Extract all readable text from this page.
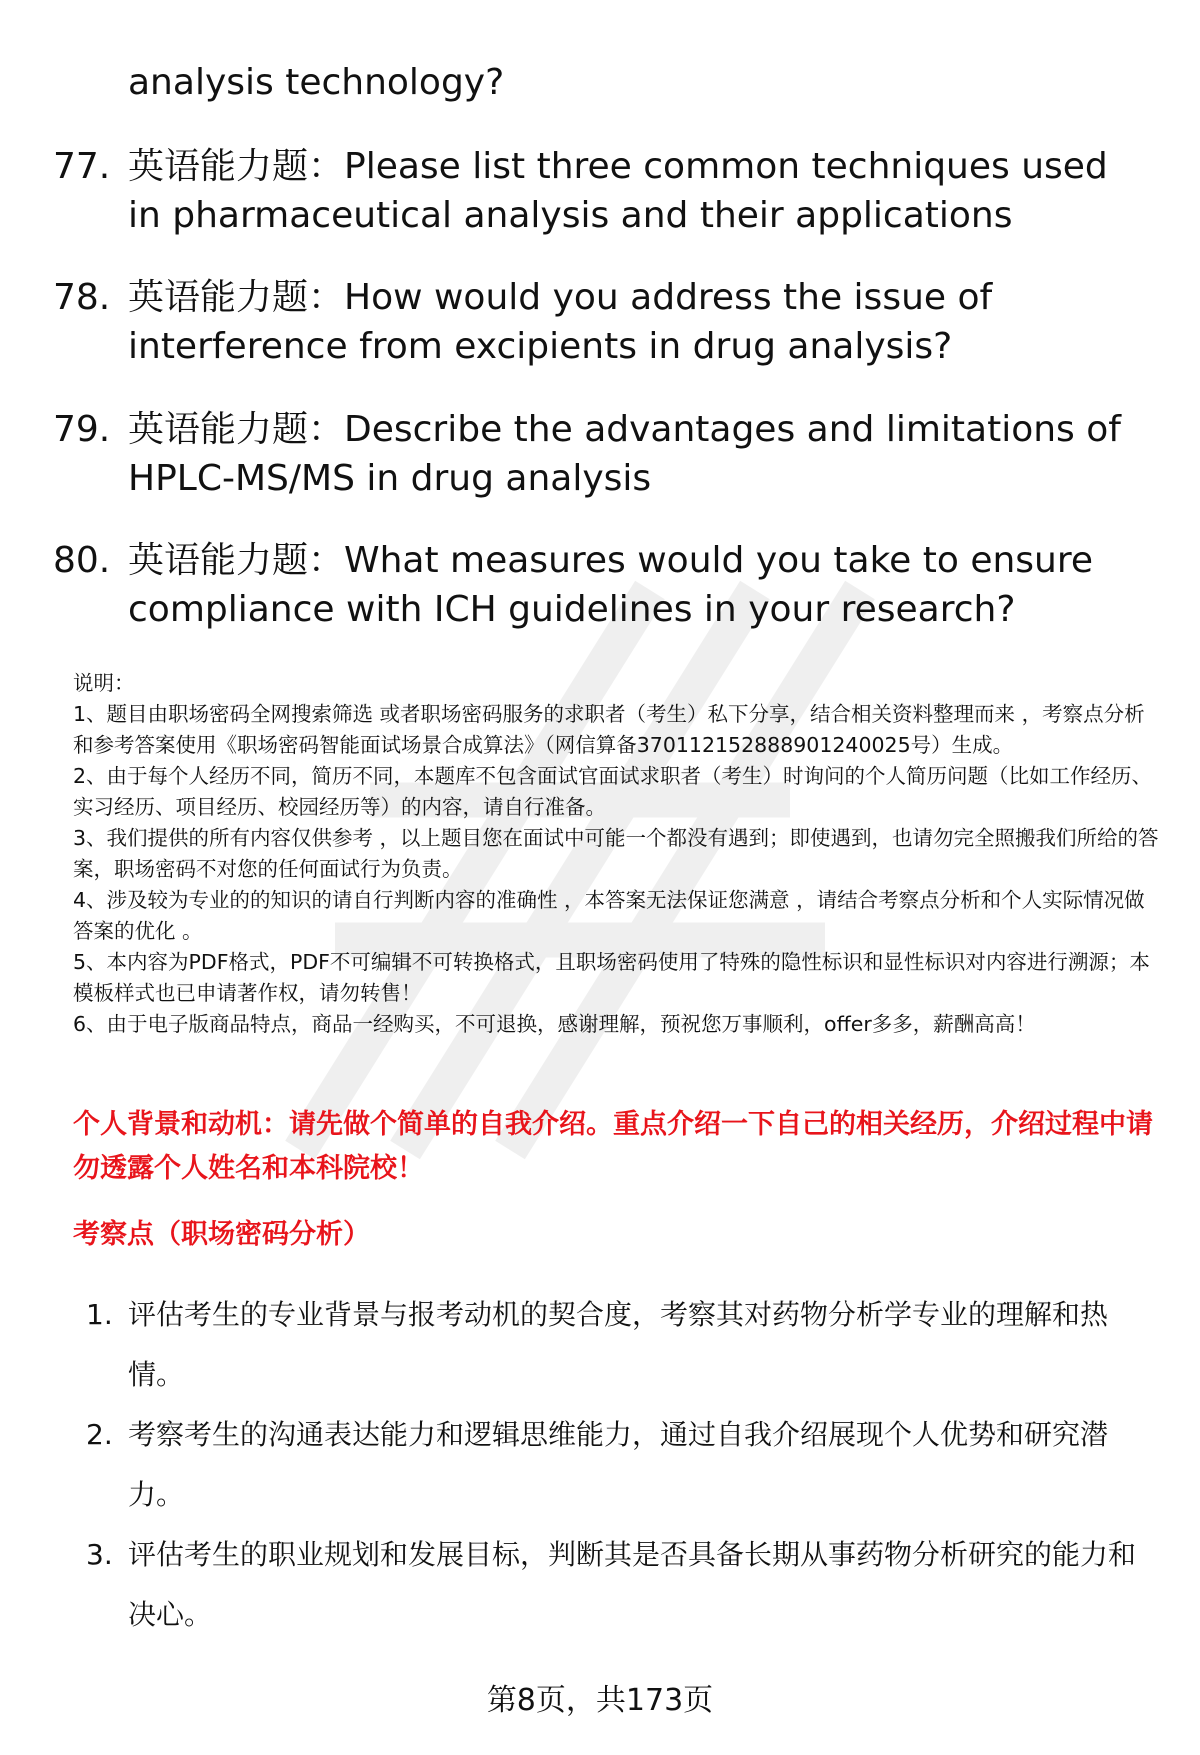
analysis technology?
77. 英语能力题：Please list three common techniques used in pharmaceutical analysis and their applications
78. 英语能力题：How would you address the issue of interference from excipients in drug analysis?
79. 英语能力题：Describe the advantages and limitations of HPLC-MS/MS in drug analysis
80. 英语能力题：What measures would you take to ensure compliance with ICH guidelines in your research?
说明：
1、题目由职场密码全网搜索筛选 或者职场密码服务的求职者（考生）私下分享，结合相关资料整理而来 ，考察点分析和参考答案使用《职场密码智能面试场景合成算法》（网信算备370112152888901240025号）生成。
2、由于每个人经历不同，简历不同，本题库不包含面试官面试求职者（考生）时询问的个人简历问题（比如工作经历、实习经历、项目经历、校园经历等）的内容，请自行准备。
3、我们提供的所有内容仅供参考 ，以上题目您在面试中可能一个都没有遇到；即使遇到，也请勿完全照搬我们所给的答案，职场密码不对您的任何面试行为负责。
4、涉及较为专业的的知识的请自行判断内容的准确性 ，本答案无法保证您满意 ，请结合考察点分析和个人实际情况做答案的优化 。
5、本内容为PDF格式，PDF不可编辑不可转换格式，且职场密码使用了特殊的隐性标识和显性标识对内容进行溯源；本模板样式也已申请著作权，请勿转售！
6、由于电子版商品特点，商品一经购买，不可退换，感谢理解，预祝您万事顺利，offer多多，薪酬高高！
个人背景和动机：请先做个简单的自我介绍。重点介绍一下自己的相关经历，介绍过程中请勿透露个人姓名和本科院校！
考察点（职场密码分析）
1. 评估考生的专业背景与报考动机的契合度，考察其对药物分析学专业的理解和热情。
2. 考察考生的沟通表达能力和逻辑思维能力，通过自我介绍展现个人优势和研究潜力。
3. 评估考生的职业规划和发展目标，判断其是否具备长期从事药物分析研究的能力和决心。
第8页，共173页
